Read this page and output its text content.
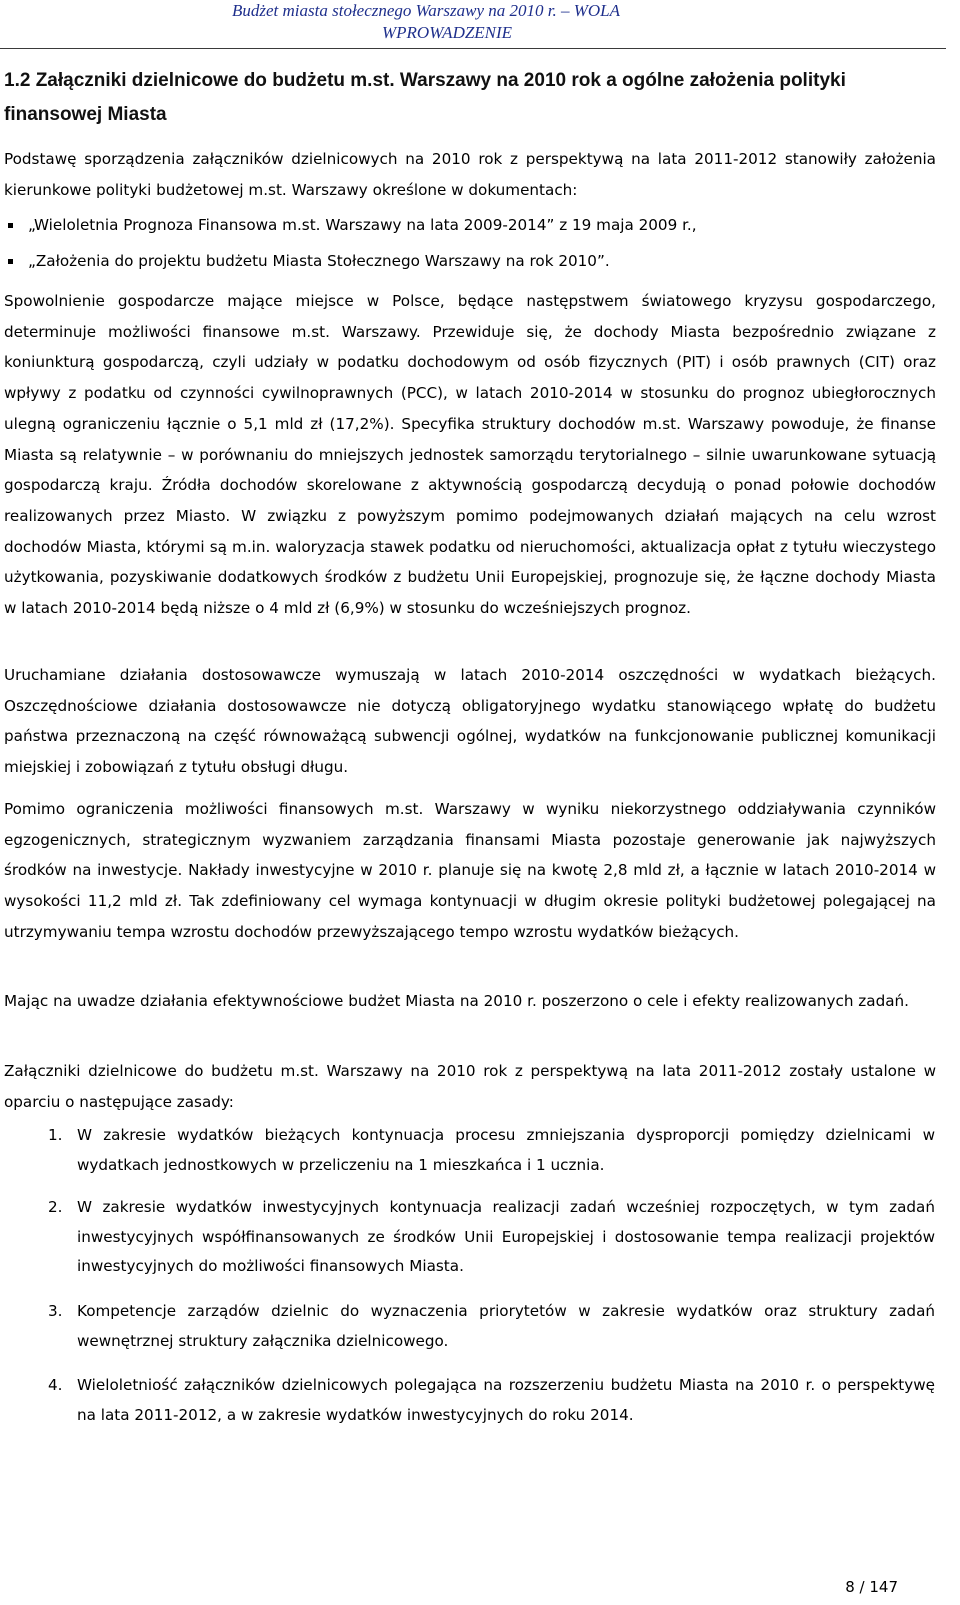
Budżet miasta stołecznego Warszawy na 2010 r. – WOLA
WPROWADZENIE
1.2 Załączniki dzielnicowe do budżetu m.st. Warszawy na 2010 rok a ogólne założenia polityki finansowej Miasta
Podstawę sporządzenia załączników dzielnicowych na 2010 rok z perspektywą na lata 2011-2012 stanowiły założenia kierunkowe polityki budżetowej m.st. Warszawy określone w dokumentach:
„Wieloletnia Prognoza Finansowa m.st. Warszawy na lata 2009-2014” z 19 maja 2009 r.,
„Założenia do projektu budżetu Miasta Stołecznego Warszawy na rok 2010”.
Spowolnienie gospodarcze mające miejsce w Polsce, będące następstwem światowego kryzysu gospodarczego, determinuje możliwości finansowe m.st. Warszawy. Przewiduje się, że dochody Miasta bezpośrednio związane z koniunkturą gospodarczą, czyli udziały w podatku dochodowym od osób fizycznych (PIT) i osób prawnych (CIT) oraz wpływy z podatku od czynności cywilnoprawnych (PCC), w latach 2010-2014 w stosunku do prognoz ubiegłorocznych ulegną ograniczeniu łącznie o 5,1 mld zł (17,2%). Specyfika struktury dochodów m.st. Warszawy powoduje, że finanse Miasta są relatywnie – w porównaniu do mniejszych jednostek samorządu terytorialnego – silnie uwarunkowane sytuacją gospodarczą kraju. Źródła dochodów skorelowane z aktywnością gospodarczą decydują o ponad połowie dochodów realizowanych przez Miasto. W związku z powyższym pomimo podejmowanych działań mających na celu wzrost dochodów Miasta, którymi są m.in. waloryzacja stawek podatku od nieruchomości, aktualizacja opłat z tytułu wieczystego użytkowania, pozyskiwanie dodatkowych środków z budżetu Unii Europejskiej, prognozuje się, że łączne dochody Miasta w latach 2010-2014 będą niższe o 4 mld zł (6,9%) w stosunku do wcześniejszych prognoz.
Uruchamiane działania dostosowawcze wymuszają w latach 2010-2014 oszczędności w wydatkach bieżących. Oszczędnościowe działania dostosowawcze nie dotyczą obligatoryjnego wydatku stanowiącego wpłatę do budżetu państwa przeznaczoną na część równoważącą subwencji ogólnej, wydatków na funkcjonowanie publicznej komunikacji miejskiej i zobowiązań z tytułu obsługi długu.
Pomimo ograniczenia możliwości finansowych m.st. Warszawy w wyniku niekorzystnego oddziaływania czynników egzogenicznych, strategicznym wyzwaniem zarządzania finansami Miasta pozostaje generowanie jak najwyższych środków na inwestycje. Nakłady inwestycyjne w 2010 r. planuje się na kwotę 2,8 mld zł, a łącznie w latach 2010-2014 w wysokości 11,2 mld zł. Tak zdefiniowany cel wymaga kontynuacji w długim okresie polityki budżetowej polegającej na utrzymywaniu tempa wzrostu dochodów przewyższającego tempo wzrostu wydatków bieżących.
Mając na uwadze działania efektywnościowe budżet Miasta na 2010 r. poszerzono o cele i efekty realizowanych zadań.
Załączniki dzielnicowe do budżetu m.st. Warszawy na 2010 rok z perspektywą na lata 2011-2012 zostały ustalone w oparciu o następujące zasady:
1. W zakresie wydatków bieżących kontynuacja procesu zmniejszania dysproporcji pomiędzy dzielnicami w wydatkach jednostkowych w przeliczeniu na 1 mieszkańca i 1 ucznia.
2. W zakresie wydatków inwestycyjnych kontynuacja realizacji zadań wcześniej rozpoczętych, w tym zadań inwestycyjnych współfinansowanych ze środków Unii Europejskiej i dostosowanie tempa realizacji projektów inwestycyjnych do możliwości finansowych Miasta.
3. Kompetencje zarządów dzielnic do wyznaczenia priorytetów w zakresie wydatków oraz struktury zadań wewnętrznej struktury załącznika dzielnicowego.
4. Wieloletniość załączników dzielnicowych polegająca na rozszerzeniu budżetu Miasta na 2010 r. o perspektywę na lata 2011-2012, a w zakresie wydatków inwestycyjnych do roku 2014.
8 / 147
